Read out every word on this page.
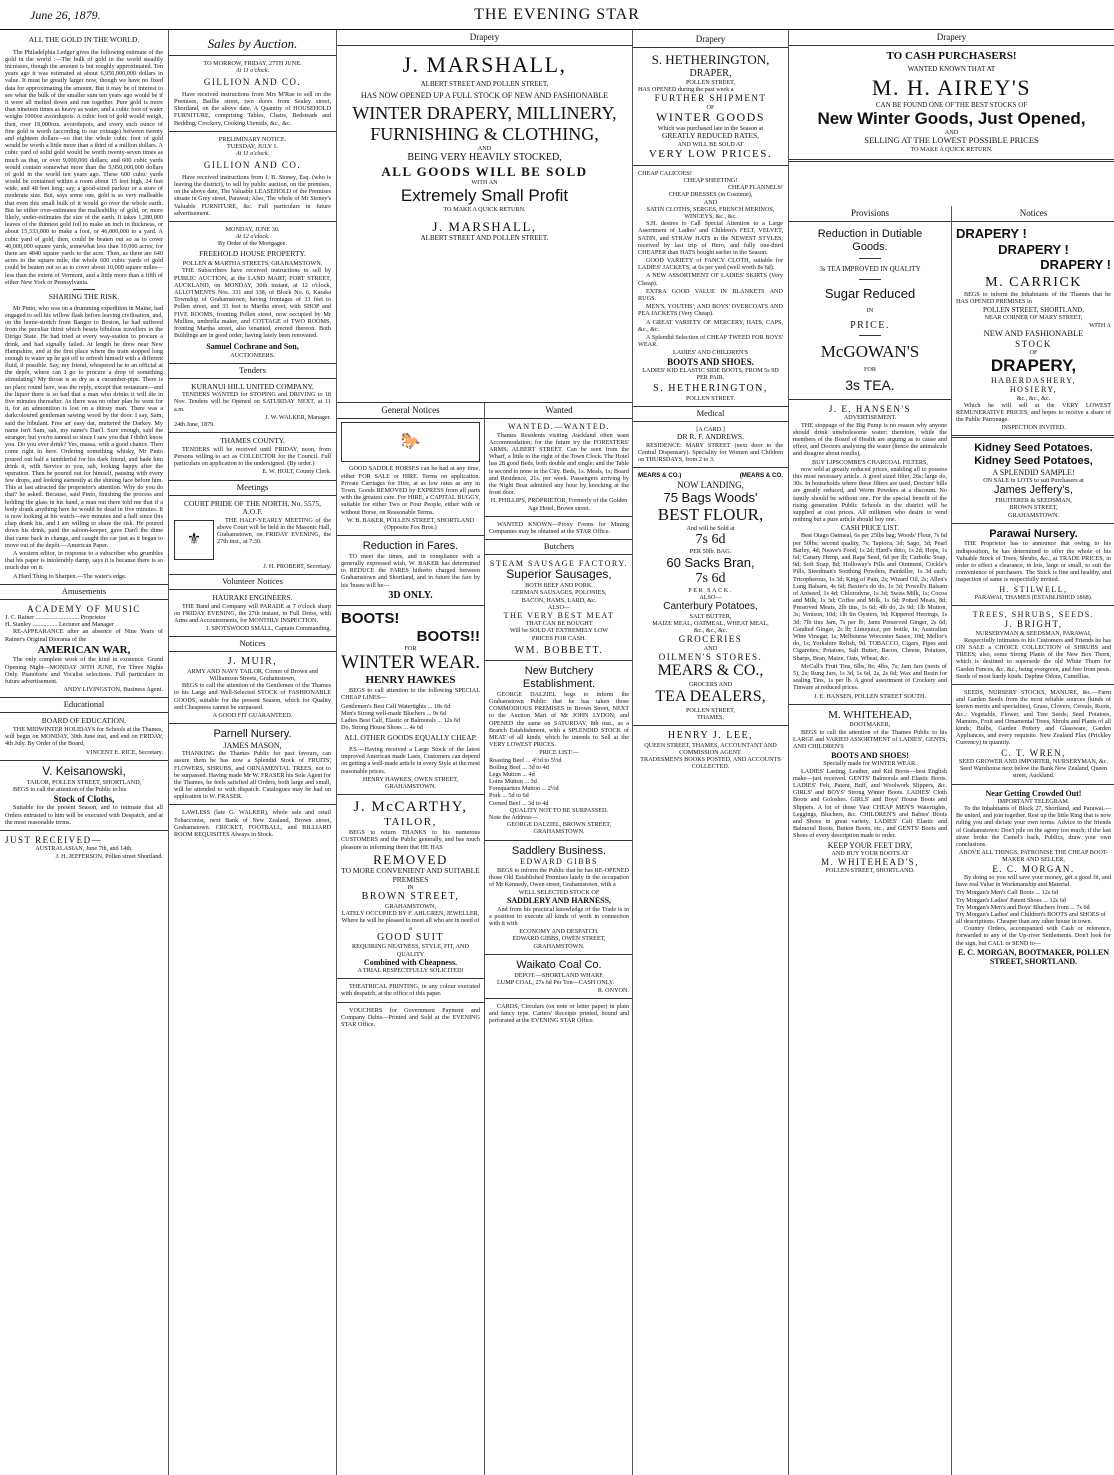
June 26, 1879.	THE EVENING STAR
ALL THE GOLD IN THE WORLD.

The Philadelphia Ledger gives the following estimate of the gold in the world :—The bulk of gold in the world steadily increases, though the amount is but roughly approximated. Ten years ago it was estimated at about 6,950,000,000 dollars in value. It must be greatly larger now, though we have no fixed data for approximating the amount. But it may be of interest to see what the bulk of the smaller sum ten years ago would be if it were all melted down and run together. Pure gold is more than nineteen times as heavy as water, and a cubic foot of water weighs 1000oz avoirdupois. A cubic foot of gold would weigh, then, over 19,000ozs. avoirdupois, and every such ounce of fine gold is worth (according to our coinage) between twenty and eighteen dollars—so that the whole cubic foot of gold would be worth a little more than a third of a million dollars. A cubic yard of solid gold would be worth twenty-seven times as much as that, or over 9,000,000 dollars; and 600 cubic yards would contain somewhat more than the 5,950,000,000 dollars of gold in the world ten years ago. These 600 cubic yards would be contained within a room about 15 feet high, 24 feet wide, and 48 feet long; say, a good-sized parlour or a store of moderate size. But, says some one, gold is so very malleable that even this small bulk of it would go over the whole earth. But he either over-estimates the malleability of gold, or, more likely, under-estimates the size of the earth. It takes 1,280,000 leaves of the thinnest gold foil to make an inch in thickness, or about 15,333,000 to make a foot, or 46,000,000 to a yard. A cubic yard of gold, then, could be beaten out so as to cover 46,000,000 square yards, somewhat less than 10,000 acres; for there are 4840 square yards to the acre. Then, as there are 640 acres to the square mile, the whole 600 cubic yards of gold could be beaten out so as to cover about 10,000 square miles—less than the extent of Vermont, and a little more than a fifth of either New York or Pennsylvania.

SHARING THE RISK.

Mr Pinto, who was on a drumming expedition in Maine, had engaged to sell his willow flask before leaving civilisation, and, on the home-stretch from Bangor to Boston, he had suffered from the peculiar thirst which besets bibulous travellers in the Dirigo State. He had tried at every way-station to procure a drink, and had signally failed. At length he drew near New Hampshire, and at the first place where the train stopped long enough to water up he got off to refresh himself with a different fluid, if possible. Say, my friend, whispered he to an official at the depôt, where can I go to procure a drop of something stimulating? My throat is as dry as a cucumber-pipe. There is no place round here, was the reply, except that restaurant—and the liquor there is so bad that a man who drinks it will die in five minutes thereafter. As there was no other plan he went for it, for an admonition is lost on a thirsty man. There was a darkcoloured gentleman sawing wood by the door. I say, Sam, said the bibulant. Free an' easy dat, muttered the Darkey. My name isn't Sam, sah, my name's Dan'l. Sure enough, said the stranger; but you're tanned so since I saw you that I didn't know you. Do you ever drink? Yes, massa, with a good chance. Then come right in here. Ordering something whisky, Mr Pinto poured out half a tumblerful for his dark friend, and bade him drink it, with Service to you, sah, looking happy after the operation. Then he poured out for himself, pausing with every few drops, and looking earnestly at the shining face before him. This at last attracted the proprietor's attention. Why do you do that? he asked. Because, said Pinto, finishing the process and holding the glass in his hand, a man out there told me that if a body drank anything here he would be dead in five minutes. It is now looking at his watch—two minutes and a half since this chap drank his, and I am willing to share the risk. He poured down his drink, paid the saloon-keeper, gave Dan'l the dime that came back in change, and caught the car just as it began to move out of the depôt.—American Paper.

A western editor, in response to a subscriber who grumbles that his paper is intolerably damp, says it is because there is so much due on it.

A Hard Thing to Sharpen.—The water's edge.

Amusements
ACADEMY OF MUSIC
J. C. Rainer ............................ Proprietor
H. Stanley ................ Lecturer and Manager

RE-APPEARANCE after an absence of Nine Years of Rainer's Original Diorama of the

AMERICAN WAR,

The only complete work of the kind in existence. Grand Opening Night—MONDAY 30TH JUNE, For Three Nights Only. Pianoforte and Vocalist selections. Full particulars in future advertisement.

ANDY LIVINGSTON, Business Agent.
Educational
BOARD OF EDUCATION.

THE MIDWINTER HOLIDAYS for Schools at the Thames, will begin on MONDAY, 30th June inst, and end on FRIDAY, 4th July. By Order of the Board,

VINCENT E. RICE, Secretary.
V. Keisanowski,
TAILOR, POLLEN STREET, SHORTLAND,

BEGS to call the attention of the Public to his

Stock of Cloths,

Suitable for the present Season, and to intimate that all Orders entrusted to him will be executed with Despatch, and at the most reasonable terms.

JUST RECEIVED—
AUSTRALASIAN, June 7th, and 14th.
J. H. JEFFERSON, Pollen street Shortland.
Sales by Auction.
TO MORROW, FRIDAY, 27TH JUNE.
At 11 o'clock.
GILLION AND CO.

Have received instructions from Mrs M'Rae to sell on the Premises, Baillie street, two doors from Sealey street, Shortland, on the above date, A Quantity of HOUSEHOLD FURNITURE, comprising Tables, Chairs, Bedsteads and Bedding, Crockery, Cooking Utensils, &c., &c.

PRELIMINARY NOTICE.
TUESDAY, JULY 1.
At 11 o'clock.
GILLION AND CO.

Have received instructions from J. B. Stoney, Esq. (who is leaving the district), to sell by public auction, on the premises, on the above date, The Valuable LEASEHOLD of the Premises situate in Grey street, Parawai; Also, The whole of Mr Stoney's Valuable FURNITURE, &c. Full particulars in future advertisement.

MONDAY, JUNE 30.
At 12 o'clock.
By Order of the Mortgagee.
FREEHOLD HOUSE PROPERTY.
POLLEN & MARTHA STREETS, GRAHAMSTOWN.

THE Subscribers have received instructions to sell by PUBLIC AUCTION, at the LAND MART, FORT STREET, AUCKLAND, on MONDAY, 30th instant, at 12 o'clock, ALLOTMENTS Nos. 331 and 338, of Block No. 6, Karaka Township of Grahamstown, having frontages of 33 feet to Pollen street, and 33 feet to Martha street, with SHOP and FIVE ROOMS, fronting Pollen street, now occupied by Mr Mullins, umbrella maker, and COTTAGE of TWO ROOMS, fronting Martha street, also tenanted, erected thereon. Both Buildings are in good order, having lately been renovated.

Samuel Cochrane and Son,
AUCTIONEERS.
Tenders
KURANUI HILL UNITED COMPANY.

TENDERS WANTED for STOPING and DRIVING to 18 Nov. Tenders will be Opened on SATURDAY NEXT, at 11 a.m.

J. W. WALKER, Manager.
24th June, 1879.
THAMES COUNTY.

TENDERS will be received until FRIDAY, noon, from Persons willing to act as COLLECTOR for the Council. Full particulars on application to the undersigned. (By order.)

E. W. HOLT, County Clerk.
Meetings
COURT PRIDE OF THE NORTH, No. 5575, A.O.F.
⚜

THE HALF-YEARLY MEETING of the above Court will be held in the Masonic Hall, Grahamstown, on FRIDAY EVENING, the 27th inst., at 7.30.

J. H. PROBERT, Secretary.
Volunteer Notices
HAURAKI ENGINEERS.

THE Band and Company will PARADE at 7 o'clock sharp on FRIDAY EVENING, the 27th instant, in Full Dress, with Arms and Accoutrements, for MONTHLY INSPECTION.

J. SPOTSWOOD SMALL, Captain Commanding.
Notices
J. MUIR,
ARMY AND NAVY TAILOR, Corner of Brown and Williamson Streets, Grahamstown,

BEGS to call the attention of the Gentlemen of the Thames to his Large and Well-Selected STOCK of FASHIONABLE GOODS, suitable for the present Season, which for Quality and Cheapness cannot be surpassed.

A GOOD FIT GUARANTEED.
Parnell Nursery.
JAMES MASON,

THANKING the Thames Public for past favours, can assure them he has now a Splendid Stock of FRUITS, FLOWERS, SHRUBS, and ORNAMENTAL TREES, not to be surpassed. Having made Mr W. FRASER his Sole Agent for the Thames, he feels satisfied all Orders, both large and small, will be attended to with dispatch. Catalogues may be had on application to W. FRASER.

LAWLESS (late G. WALKER), whole sale and retail Tobacconist, next Bank of New Zealand, Brown street, Grahamstown. CRICKET, FOOTBALL, and BILLIARD ROOM REQUISITES Always in Stock.

Drapery
J. MARSHALL,
ALBERT STREET AND POLLEN STREET,
HAS NOW OPENED UP A FULL STOCK OF NEW AND FASHIONABLE
WINTER DRAPERY, MILLINERY,
FURNISHING & CLOTHING,
AND
BEING VERY HEAVILY STOCKED,
ALL GOODS WILL BE SOLD
WITH AN
Extremely Small Profit
TO MAKE A QUICK RETURN.
J. MARSHALL,
ALBERT STREET AND POLLEN STREET.
General Notices
🐎

GOOD SADDLE HORSES can be had at any time, either FOR SALE or HIRE. Terms on application. Private Carriages for Hire, at as low rates as any in Town. Goods REMOVED by EXPRESS from all parts with the greatest care. For HIRE, a CAPITAL BUGGY, suitable for either Two or Four People, either with or without Horse, on Reasonable Terms.

W. B. BAKER, POLLEN STREET, SHORTLAND (Opposite Fox Bros.)
Reduction in Fares.

TO meet the times, and in compliance with a generally expressed wish, W. BAKER has determined to REDUCE the FARES hitherto charged between Grahamstown and Shortland, and in future the fare by his 'buses will be—

3D ONLY.
BOOTS!
BOOTS!!
FOR
WINTER WEAR.
HENRY HAWKES

BEGS to call attention to the following SPECIAL CHEAP LINES—

Gentlemen's Best Calf Watertights ... 18s 6d
Men's Strong well-made Bluchers ... 9s 6d
Ladies Best Calf, Elastic or Balmorals ... 12s 6d
Do. Strong House Shoes ... 4s 6d
ALL OTHER GOODS EQUALLY CHEAP.

P.S.—Having received a Large Stock of the latest improved American made Lasts, Customers can depend on getting a well-made article in every Style at the most reasonable prices.

HENRY HAWKES, OWEN STREET, GRAHAMSTOWN.
J. McCARTHY,
TAILOR,

BEGS to return THANKS to his numerous CUSTOMERS and the Public generally, and has much pleasure in informing them that HE HAS

REMOVED
TO MORE CONVENIENT AND SUITABLE PREMISES
IN
BROWN STREET,
GRAHAMSTOWN,
LATELY OCCUPIED BY F. AHLGREN, JEWELLER,
Where he will be pleased to meet all who are in need of a
GOOD SUIT
REQUIRING NEATNESS, STYLE, FIT, AND QUALITY
Combined with Cheapness.
A TRIAL RESPECTFULLY SOLICITED!

THEATRICAL PRINTING, in any colour executed with despatch, at the office of this paper.

VOUCHERS for Government Payment and Company Debts—Printed and Sold at the EVENING STAR Office.

Wanted
WANTED.—WANTED.

Thames Residents visiting Auckland often want Accommodation; for the future try the FORESTERS' ARMS, ALBERT STREET. Can be seen from the Wharf, a little to the right of the Town Clock. The Hotel has 28 good Beds, both double and single; and the Table is second to none in the City. Beds, 1s. Meals, 1s; Board and Residence, 21s. per week. Passengers arriving by the Night Boat admitted any hour by knocking at the front door.

H. PHILLIPS, PROPRIETOR, Formerly of the Golden Age Hotel, Brown street.

WANTED KNOWN—Proxy Forms for Mining Companies may be obtained at the STAR Office.

Butchers
STEAM SAUSAGE FACTORY.
Superior Sausages,
BOTH BEEF AND PORK.
GERMAN SAUSAGES, POLONIES,
BACON, HAMS, LARD, &c.
ALSO—
THE VERY BEST MEAT
THAT CAN BE BOUGHT
Will be SOLD AT EXTREMELY LOW
PRICES FOR CASH.
WM. BOBBETT.
New Butchery Establishment.

GEORGE DALZIEL begs to inform the Grahamstown Public that he has taken those COMMODIOUS PREMISES in Brown Street, NEXT to the Auction Mart of Mr JOHN LYDON, and OPENED the same on SATURDAY, 8th inst., as a Branch Establishment, with a SPLENDID STOCK of MEAT of all kinds, which he intends to Sell at the VERY LOWEST PRICES.

PRICE LIST:—
Roasting Beef ... 4½d to 5½d
Boiling Beef ... 3d to 4d
Legs Mutton ... 4d
Loins Mutton ... 3d
Forequarters Mutton ... 2½d
Pork ... 5d to 6d
Corned Beef ... 3d to 4d
QUALITY NOT TO BE SURPASSED.
Note the Address—
GEORGE DALZIEL, BROWN STREET, GRAHAMSTOWN.
Saddlery Business.
EDWARD GIBBS

BEGS to inform the Public that he has RE-OPENED those Old Established Premises lately in the occupation of Mr Kennedy, Owen street, Grahamstown, with a

WELL SELECTED STOCK OF
SADDLERY AND HARNESS,

And from his practical knowledge of the Trade is in a position to execute all kinds of work in connection with it with

ECONOMY AND DESPATCH.
EDWARD GIBBS, OWEN STREET, GRAHAMSTOWN.
Waikato Coal Co.
DEPOT:—SHORTLAND WHARF.

LUMP COAL, 27s 6d Per Ton—CASH ONLY.

R. ONYON.

CARDS, Circulars (on note or letter paper) in plain and fancy type. Carters' Receipts printed, bound and perforated at the EVENING STAR Office.

Drapery
S. HETHERINGTON,
DRAPER,
POLLEN STREET,
HAS OPENED during the past week a
FURTHER SHIPMENT
OF
WINTER GOODS
Which was purchased late in the Season at
GREATLY REDUCED RATES,
AND WILL BE SOLD AT
VERY LOW PRICES.
CHEAP CALICOES!
CHEAP SHEETING!
CHEAP FLANNELS!
CHEAP DRESSES (in Costume),
AND
SATIN CLOTHS, SERGES, FRENCH MERINOS, WINCEYS, &c., &c.

S.H. desires to Call Special Attention to a Large Assortment of Ladies' and Children's FELT, VELVET, SATIN, and STRAW HATS in the NEWEST STYLES, received by last trip of Hero, and fully one-third CHEAPER than HATS bought earlier in the Season.

GOOD VARIETY of FANCY CLOTH, suitable for LADIES' JACKETS, at 6s per yard (well worth 8s 6d).

A NEW ASSORTMENT OF LADIES' SKIRTS (Very Cheap).

EXTRA GOOD VALUE IN BLANKETS AND RUGS.

MEN'S, YOUTHS', AND BOYS' OVERCOATS AND PEA JACKETS (Very Cheap).

A GREAT VARIETY OF MERCERY, HATS, CAPS, &c., &c.

A Splendid Selection of CHEAP TWEED FOR BOYS' WEAR.

LADIES' AND CHILDREN'S
BOOTS AND SHOES.
LADIES' KID ELASTIC SIDE BOOTS, FROM 5s 9D PER PAIR.
S. HETHERINGTON,
POLLEN STREET.
Medical
[A CARD.]
DR R. F. ANDREWS.

RESIDENCE: MARY STREET (next door to the Central Dispensary). Speciality for Women and Children on THURSDAYS, from 2 to 3.

MEARS & CO.)	(MEARS & CO.
NOW LANDING,
75 Bags Woods'
BEST FLOUR,
And will be Sold at
7s 6d
PER 50lb. BAG.
60 Sacks Bran,
7s 6d
PER SACK.
ALSO—
Canterbury Potatoes,
SALT BUTTER,
MAIZE MEAL, OATMEAL, WHEAT MEAL,
&c., &c., &c.
GROCERIES
AND
OILMEN'S STORES.
MEARS & CO.,
GROCERS AND
TEA DEALERS,
POLLEN STREET,
THAMES.
HENRY J. LEE,
QUEEN STREET, THAMES, ACCOUNTANT AND COMMISSION AGENT.
TRADESMEN'S BOOKS POSTED, AND ACCOUNTS COLLECTED.
Drapery
TO CASH PURCHASERS!
WANTED KNOWN THAT AT
M. H. AIREY'S
CAN BE FOUND ONE OF THE BEST STOCKS OF
New Winter Goods, Just Opened,
AND
SELLING AT THE LOWEST POSSIBLE PRICES
TO MAKE A QUICK RETURN.
Provisions
Reduction in Dutiable
Goods.
3s TEA IMPROVED IN QUALITY
Sugar Reduced
IN
PRICE.
McGOWAN'S
FOR
3s TEA.
J. E. HANSEN'S
ADVERTISEMENT.

THE stoppage of the Big Pump is no reason why anyone should drink unwholesome water; therefore, while the members of the Board of Health are arguing as to cause and effect, and Doctors analysing the water (hence the animalcule and disagree about results),

BUY LIPSCOMBE'S CHARCOAL FILTERS,

now sold at greatly reduced prices, enabling all to possess this most necessary article. A good sized filter, 26s; large do, 30s. In households where these filters are used, Doctors' bills are greatly reduced, and Worm Powders at a discount. No family should be without one. For the special benefit of the rising generation Public Schools in the district will be supplied at cost prices. All milkmen who desire to vend nothing but a pure article should buy one.

CASH PRICE LIST.

Best Otago Oatmeal, 6s per 25lbs bag; Woods' Flour, 7s 6d per 50lbs; second quality, 7s; Tapioca, 3d; Sago, 3d; Pearl Barley, 4d; Neave's Food, 1s 2d; Hard's ditto, 1s 2d; Hops, 1s 6d; Canary Hemp, and Rape Seed, 6d per lb; Carbolic Soap, 9d; Soft Soap, 8d; Holloway's Pills and Ointment, Cockle's Pills, Steedman's Soothing Powders, Painkiller, 1s 3d each; Tricopherous, 1s 3d; King of Pain, 2s; Wizard Oil, 2s; Allen's Lung Balsam, 4s 6d; Baxter's do do, 1s 3d; Powell's Balsam of Aniseed, 1s 4d; Chlorodyne, 1s 3d; Swiss Milk, 1s; Cocoa and Milk, 1s 3d; Coffee and Milk, 1s 6d; Potted Meats, 8d; Preserved Meats, 2lb tins, 1s 6d; 4lb do, 2s 9d; 1lb Mutton, 3s; Venison, 10d; 1lb tin Oysters, 9d; Kippered Herrings, 1s 3d; 7lb tins Jam, 7s per lb; Jams Preserved Ginger, 2s 6d; Candied Ginger, 2s lb; Limejuice, per bottle, 1s; Australian Wine Vinegar, 1s; Melbourne Worcester Sauce, 10d; Mellor's do, 1s; Yorkshire Relish, 9d. TOBACCO, Cigars, Pipes and Cigarettes; Potatoes, Salt Butter, Bacon, Cheese, Potatoes, Sharps, Bran, Maize, Oats, Wheat, &c.

McCall's Fruit Tins, 6lbs, 8s; 4lbs, 7s; Jam Jars (nests of 5), 2s; Rung Jars, 1s 3d, 1s 6d, 2s, 2s 6d; Wax and Resin for sealing Tins, 1s per lb. A good assortment of Crockery and Tinware at reduced prices.

J. E. HANSEN, POLLEN STREET SOUTH.
M. WHITEHEAD,
BOOTMAKER,

BEGS to call the attention of the Thames Public to his LARGE and VARIED ASSORTMENT of LADIES', GENTS, AND CHILDREN'S

BOOTS AND SHOES!
Specially made for WINTER WEAR.

LADIES' Lasting, Leather, and Kid Boots—best English make—just received. GENTS' Balmorals and Elastic Boots. LADIES' Felt, Patent, Buff, and Woolwork Slippers, &c. GIRLS' and BOYS' Strong Winter Boots. LADIES' Cloth Boots and Goloshes. GIRLS' and Boys' House Boots and Slippers. A lot of those Vast CHEAP MEN'S Watertights, Leggings, Bluchers, &c. CHILDREN'S and Babies' Boots and Shoes in great variety. LADIES' Calf Elastic and Balmoral Boots, Button Boots, etc., and GENTS' Boots and Shoes of every description made to order.

KEEP YOUR FEET DRY,
AND BUY YOUR BOOTS AT
M. WHITEHEAD'S,
POLLEN STREET, SHORTLAND.
Notices
DRAPERY !
DRAPERY !
DRAPERY !
M. CARRICK

BEGS to inform the Inhabitants of the Thames that he HAS OPENED PREMISES in

POLLEN STREET, SHORTLAND,
NEAR CORNER OF MARY STREET,
WITH A
NEW AND FASHIONABLE
STOCK
OF
DRAPERY,
HABERDASHERY,
HOSIERY,
&c., &c., &c.

Which he will sell at the VERY LOWEST REMUNERATIVE PRICES, and hopes to receive a share of the Public Patronage.

INSPECTION INVITED.
Kidney Seed Potatoes.
Kidney Seed Potatoes,
A SPLENDID SAMPLE!
ON SALE in LOTS to suit Purchasers at
James Jeffery's,
FRUITERER & SEEDSMAN,
BROWN STREET,
GRAHAMSTOWN.
Parawai Nursery.

THE Proprietor has to announce that owing to his indisposition, he has determined to offer the whole of his Valuable Stock of Trees, Shrubs, &c., at TRADE PRICES, in order to effect a clearance, in lots, large or small, to suit the convenience of purchasers. The Stock is fine and healthy, and inspection of same is respectfully invited.

H. STILWELL,
PARAWAI, THAMES (ESTABLISHED 1868).
TREES, SHRUBS, SEEDS.
J. BRIGHT,
NURSERYMAN & SEEDSMAN, PARAWAI,

Respectfully intimates to his Customers and Friends he has ON SALE a CHOICE COLLECTION of SHRUBS and TREES; also, some Strong Plants of the New Box Thorn, which is destined to supersede the old White Thorn for Garden Fences, &c. &c., being evergreen, and free from pests. Seeds of most hardy kinds. Daphne Odora, Camellias.

SEEDS, NURSERY STOCKS, MANURE, &c.—Farm and Garden Seeds from the most reliable sources (kinds of known merits and specialties), Grass, Clovers, Cereals, Roots, &c.; Vegetable, Flower, and Tree Seeds; Seed Potatoes, Manures, Fruit and Ornamental Trees, Shrubs and Plants of all kinds; Bulbs, Garden Pottery and Glassware, Garden Appliances, and every requisite. New Zealand Flax (Prickley Currency) in quantity.

C. T. WREN,
SEED GROWER AND IMPORTER, NURSERYMAN, &c.
Seed Warehouse next below the Bank New Zealand, Queen street, Auckland.
Near Getting Crowded Out!
IMPORTANT TELEGRAM.

To the Inhabitants of Block 27, Shortland, and Parawai.—Be united, and join together. Rest up the little Ring that is now ruling you and dictate your own terms. Advice to the friends of Grahamstown: Don't pile on the agony too much; if the last straw broke the Camel's back, Publics, draw your own conclusions.

ABOVE ALL THINGS, PATRONISE THE CHEAP BOOT-MAKER AND SELLER,
E. C. MORGAN.

By doing so you will save your money, get a good fit, and have real Value in Workmanship and Material.

Try Morgan's Men's Calf Boots ... 12s 6d
Try Morgan's Ladies' Patent Shoes ... 12s 6d
Try Morgan's Men's and Boys' Bluchers from ... 7s 6d
Try Morgan's Ladies' and Children's BOOTS and SHOES of all descriptions. Cheaper than any other house in town.

Country Orders, accompanied with Cash or reference, forwarded to any of the Up-river Settlements. Don't look for the sign, but CALL or SEND to—

E. C. MORGAN, BOOTMAKER, POLLEN STREET, SHORTLAND.
